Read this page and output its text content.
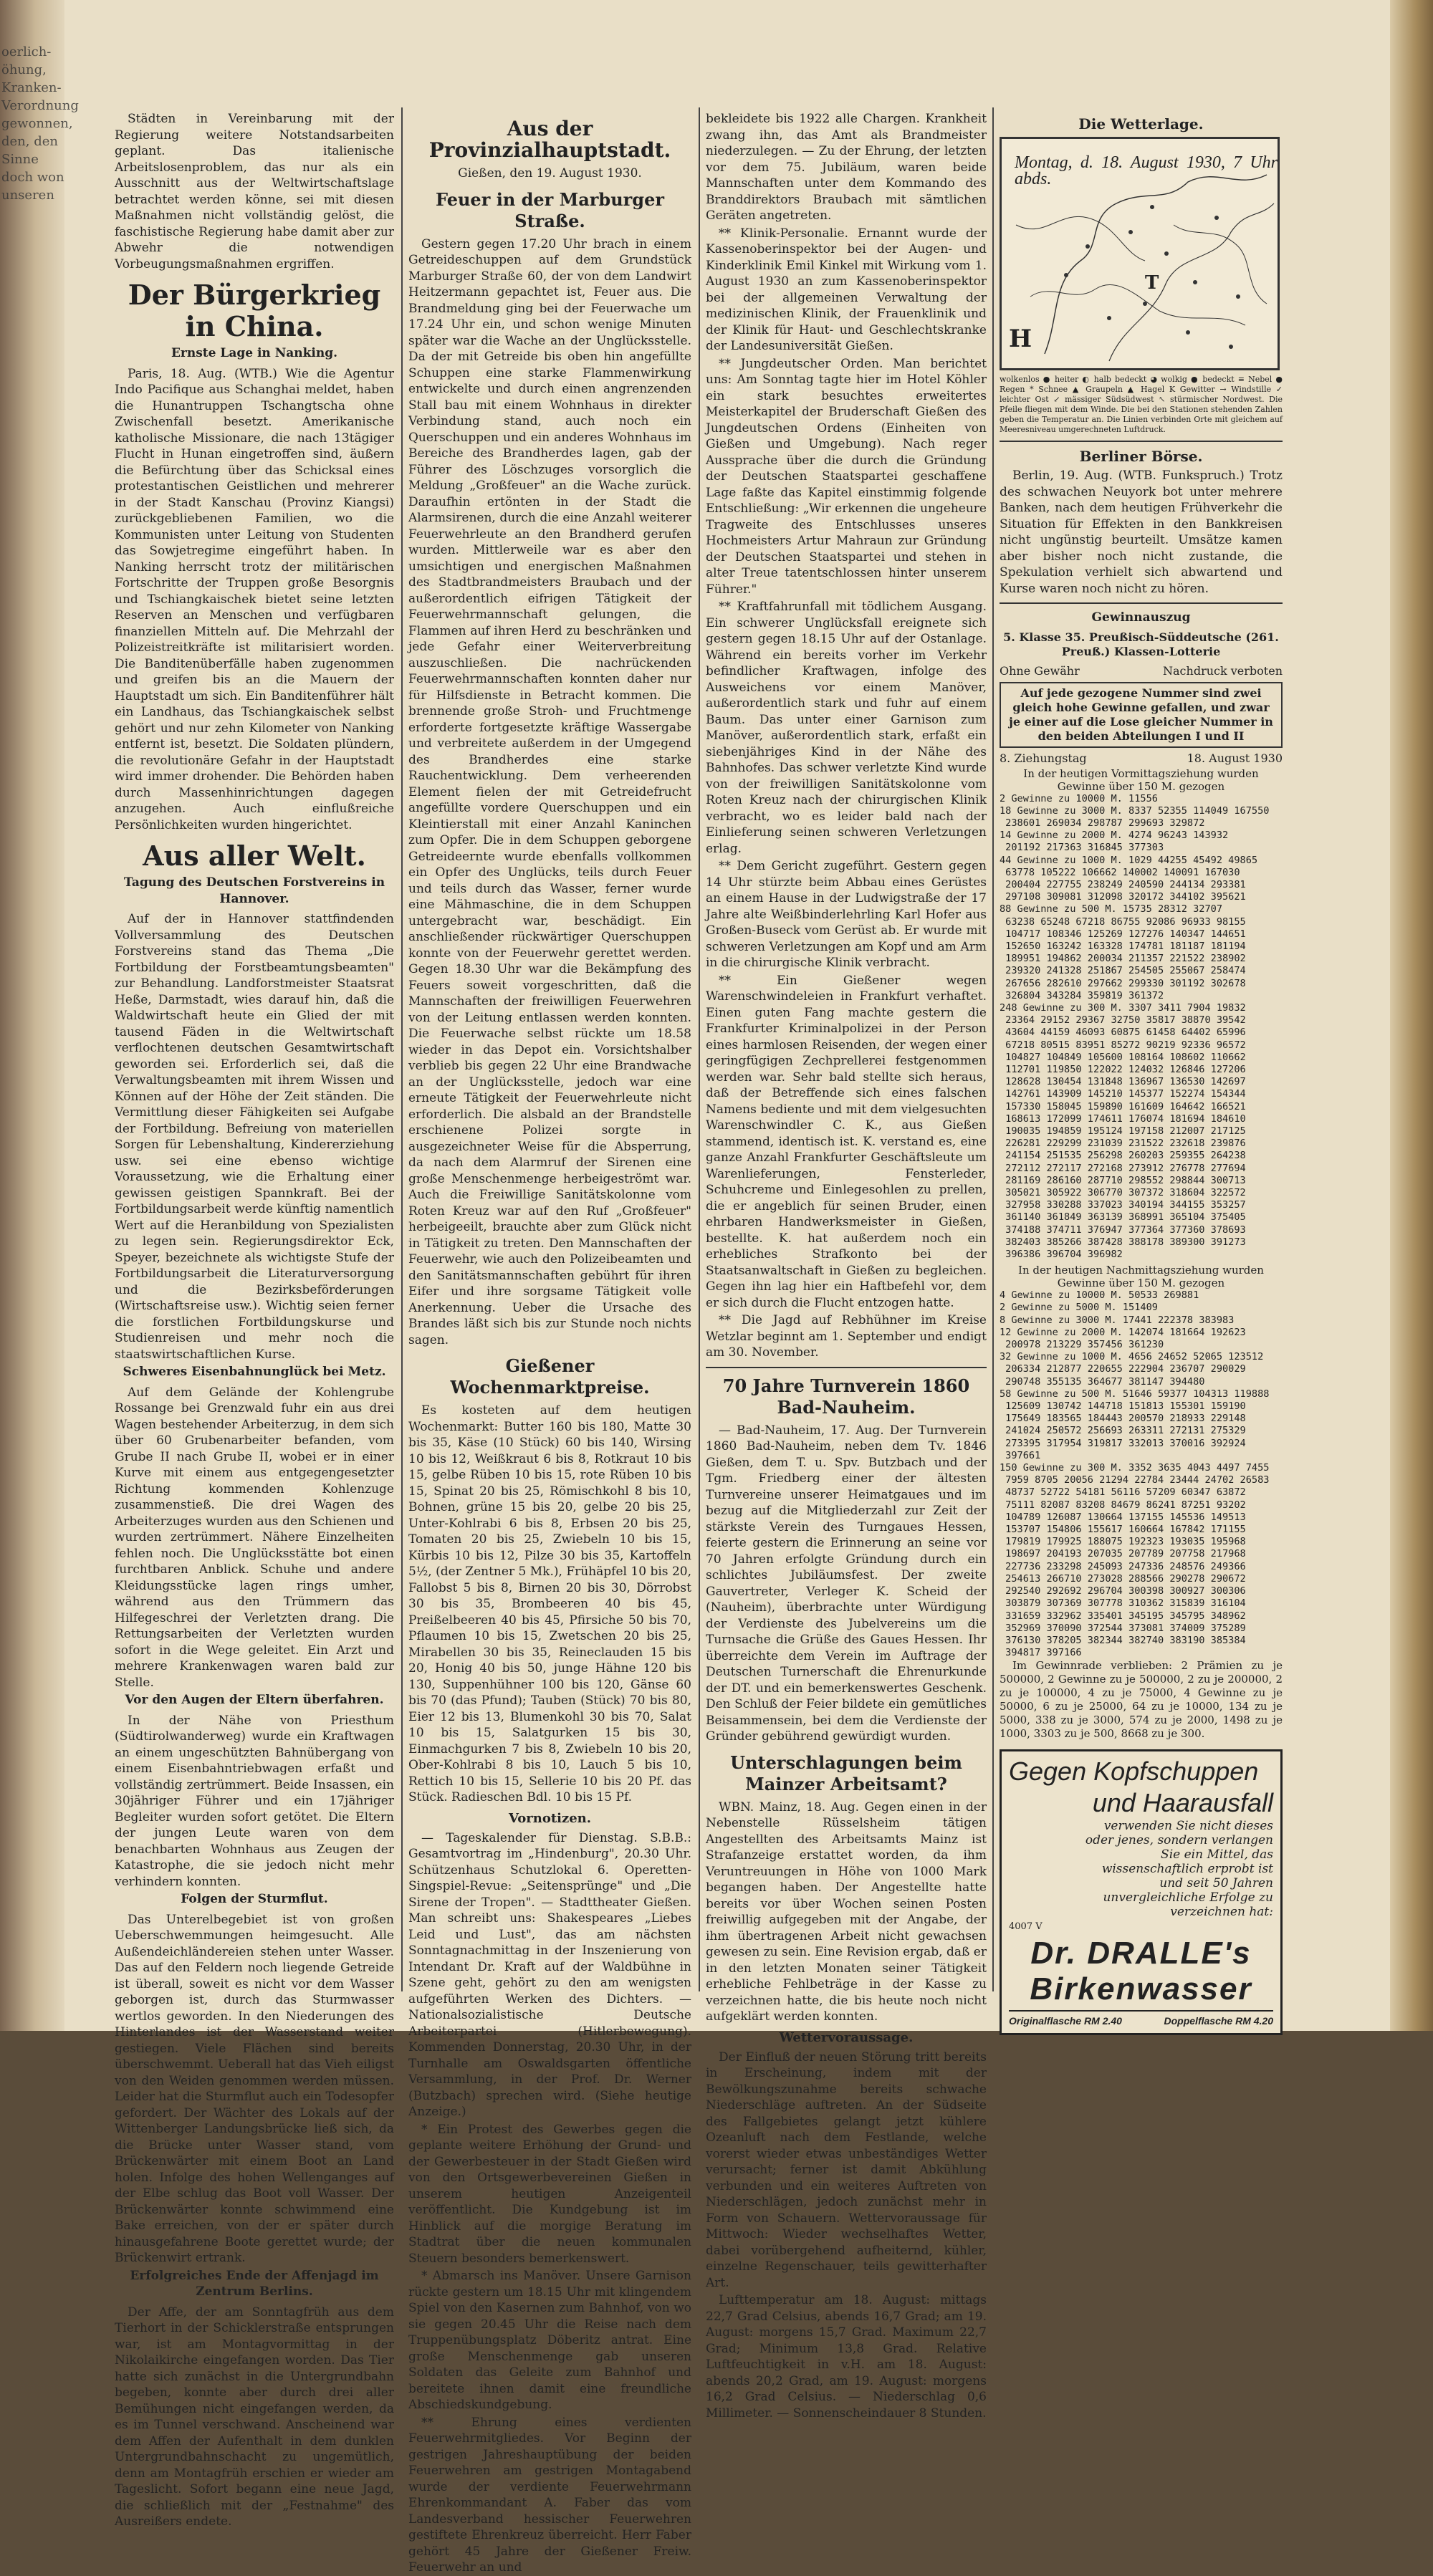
oerlich-
öhung,
Kranken-
Verordnung
gewonnen,
den, den
Sinne
doch won
unseren

Städten in Vereinbarung mit der Regierung weitere Notstandsarbeiten geplant. Das italienische Arbeitslosenproblem, das nur als ein Ausschnitt aus der Weltwirtschaftslage betrachtet werden könne, sei mit diesen Maßnahmen nicht vollständig gelöst, die faschistische Regierung habe damit aber zur Abwehr die notwendigen Vorbeugungsmaßnahmen ergriffen.

Der Bürgerkrieg in China.
Ernste Lage in Nanking.

Paris, 18. Aug. (WTB.) Wie die Agentur Indo Pacifique aus Schanghai meldet, haben die Hunantruppen Tschangtscha ohne Zwischenfall besetzt. Amerikanische katholische Missionare, die nach 13tägiger Flucht in Hunan eingetroffen sind, äußern die Befürchtung über das Schicksal eines protestantischen Geistlichen und mehrerer in der Stadt Kanschau (Provinz Kiangsi) zurückgebliebenen Familien, wo die Kommunisten unter Leitung von Studenten das Sowjetregime eingeführt haben. In Nanking herrscht trotz der militärischen Fortschritte der Truppen große Besorgnis und Tschiangkaischek bietet seine letzten Reserven an Menschen und verfügbaren finanziellen Mitteln auf. Die Mehrzahl der Polizeistreitkräfte ist militarisiert worden. Die Banditenüberfälle haben zugenommen und greifen bis an die Mauern der Hauptstadt um sich. Ein Banditenführer hält ein Landhaus, das Tschiangkaischek selbst gehört und nur zehn Kilometer von Nanking entfernt ist, besetzt. Die Soldaten plündern, die revolutionäre Gefahr in der Hauptstadt wird immer drohender. Die Behörden haben durch Massenhinrichtungen dagegen anzugehen. Auch einflußreiche Persönlichkeiten wurden hingerichtet.

Aus aller Welt.
Tagung des Deutschen Forstvereins in Hannover.

Auf der in Hannover stattfindenden Vollversammlung des Deutschen Forstvereins stand das Thema „Die Fortbildung der Forstbeamtungsbeamten" zur Behandlung. Landforstmeister Staatsrat Heße, Darmstadt, wies darauf hin, daß die Waldwirtschaft heute ein Glied der mit tausend Fäden in die Weltwirtschaft verflochtenen deutschen Gesamtwirtschaft geworden sei. Erforderlich sei, daß die Verwaltungsbeamten mit ihrem Wissen und Können auf der Höhe der Zeit ständen. Die Vermittlung dieser Fähigkeiten sei Aufgabe der Fortbildung. Befreiung von materiellen Sorgen für Lebenshaltung, Kindererziehung usw. sei eine ebenso wichtige Voraussetzung, wie die Erhaltung einer gewissen geistigen Spannkraft. Bei der Fortbildungsarbeit werde künftig namentlich Wert auf die Heranbildung von Spezialisten zu legen sein. Regierungsdirektor Eck, Speyer, bezeichnete als wichtigste Stufe der Fortbildungsarbeit die Literaturversorgung und die Bezirksbeförderungen (Wirtschaftsreise usw.). Wichtig seien ferner die forstlichen Fortbildungskurse und Studienreisen und mehr noch die staatswirtschaftlichen Kurse.

Schweres Eisenbahnunglück bei Metz.

Auf dem Gelände der Kohlengrube Rossange bei Grenzwald fuhr ein aus drei Wagen bestehender Arbeiterzug, in dem sich über 60 Grubenarbeiter befanden, vom Grube II nach Grube II, wobei er in einer Kurve mit einem aus entgegengesetzter Richtung kommenden Kohlenzuge zusammenstieß. Die drei Wagen des Arbeiterzuges wurden aus den Schienen und wurden zertrümmert. Nähere Einzelheiten fehlen noch. Die Unglücksstätte bot einen furchtbaren Anblick. Schuhe und andere Kleidungsstücke lagen rings umher, während aus den Trümmern das Hilfegeschrei der Verletzten drang. Die Rettungsarbeiten der Verletzten wurden sofort in die Wege geleitet. Ein Arzt und mehrere Krankenwagen waren bald zur Stelle.

Vor den Augen der Eltern überfahren.

In der Nähe von Priesthum (Südtirolwanderweg) wurde ein Kraftwagen an einem ungeschützten Bahnübergang von einem Eisenbahntriebwagen erfaßt und vollständig zertrümmert. Beide Insassen, ein 30jähriger Führer und ein 17jähriger Begleiter wurden sofort getötet. Die Eltern der jungen Leute waren von dem benachbarten Wohnhaus aus Zeugen der Katastrophe, die sie jedoch nicht mehr verhindern konnten.

Folgen der Sturmflut.

Das Unterelbegebiet ist von großen Ueberschwemmungen heimgesucht. Alle Außendeichländereien stehen unter Wasser. Das auf den Feldern noch liegende Getreide ist überall, soweit es nicht vor dem Wasser geborgen ist, durch das Sturmwasser wertlos geworden. In den Niederungen des Hinterlandes ist der Wasserstand weiter gestiegen. Viele Flächen sind bereits überschwemmt. Ueberall hat das Vieh eiligst von den Weiden genommen werden müssen. Leider hat die Sturmflut auch ein Todesopfer gefordert. Der Wächter des Lokals auf der Wittenberger Landungsbrücke ließ sich, da die Brücke unter Wasser stand, vom Brückenwärter mit einem Boot an Land holen. Infolge des hohen Wellenganges auf der Elbe schlug das Boot voll Wasser. Der Brückenwärter konnte schwimmend eine Bake erreichen, von der er später durch hinausgefahrene Boote gerettet wurde; der Brückenwirt ertrank.

Erfolgreiches Ende der Affenjagd im Zentrum Berlins.

Der Affe, der am Sonntagfrüh aus dem Tierhort in der Schicklerstraße entsprungen war, ist am Montagvormittag in der Nikolaikirche eingefangen worden. Das Tier hatte sich zunächst in die Untergrundbahn begeben, konnte aber durch drei aller Bemühungen nicht eingefangen werden, da es im Tunnel verschwand. Anscheinend war dem Affen der Aufenthalt in dem dunklen Untergrundbahnschacht zu ungemütlich, denn am Montagfrüh erschien er wieder am Tageslicht. Sofort begann eine neue Jagd, die schließlich mit der „Festnahme" des Ausreißers endete.

Aus der Provinzialhauptstadt.
Gießen, den 19. August 1930.
Feuer in der Marburger Straße.

Gestern gegen 17.20 Uhr brach in einem Getreideschuppen auf dem Grundstück Marburger Straße 60, der von dem Landwirt Heitzermann gepachtet ist, Feuer aus. Die Brandmeldung ging bei der Feuerwache um 17.24 Uhr ein, und schon wenige Minuten später war die Wache an der Unglücksstelle. Da der mit Getreide bis oben hin angefüllte Schuppen eine starke Flammenwirkung entwickelte und durch einen angrenzenden Stall bau mit einem Wohnhaus in direkter Verbindung stand, auch noch ein Querschuppen und ein anderes Wohnhaus im Bereiche des Brandherdes lagen, gab der Führer des Löschzuges vorsorglich die Meldung „Großfeuer" an die Wache zurück. Daraufhin ertönten in der Stadt die Alarmsirenen, durch die eine Anzahl weiterer Feuerwehrleute an den Brandherd gerufen wurden. Mittlerweile war es aber den umsichtigen und energischen Maßnahmen des Stadtbrandmeisters Braubach und der außerordentlich eifrigen Tätigkeit der Feuerwehrmannschaft gelungen, die Flammen auf ihren Herd zu beschränken und jede Gefahr einer Weiterverbreitung auszuschließen. Die nachrückenden Feuerwehrmannschaften konnten daher nur für Hilfsdienste in Betracht kommen. Die brennende große Stroh- und Fruchtmenge erforderte fortgesetzte kräftige Wassergabe und verbreitete außerdem in der Umgegend des Brandherdes eine starke Rauchentwicklung. Dem verheerenden Element fielen der mit Getreidefrucht angefüllte vordere Querschuppen und ein Kleintierstall mit einer Anzahl Kaninchen zum Opfer. Die in dem Schuppen geborgene Getreideernte wurde ebenfalls vollkommen ein Opfer des Unglücks, teils durch Feuer und teils durch das Wasser, ferner wurde eine Mähmaschine, die in dem Schuppen untergebracht war, beschädigt. Ein anschließender rückwärtiger Querschuppen konnte von der Feuerwehr gerettet werden. Gegen 18.30 Uhr war die Bekämpfung des Feuers soweit vorgeschritten, daß die Mannschaften der freiwilligen Feuerwehren von der Leitung entlassen werden konnten. Die Feuerwache selbst rückte um 18.58 wieder in das Depot ein. Vorsichtshalber verblieb bis gegen 22 Uhr eine Brandwache an der Unglücksstelle, jedoch war eine erneute Tätigkeit der Feuerwehrleute nicht erforderlich. Die alsbald an der Brandstelle erschienene Polizei sorgte in ausgezeichneter Weise für die Absperrung, da nach dem Alarmruf der Sirenen eine große Menschenmenge herbeigeströmt war. Auch die Freiwillige Sanitätskolonne vom Roten Kreuz war auf den Ruf „Großfeuer" herbeigeeilt, brauchte aber zum Glück nicht in Tätigkeit zu treten. Den Mannschaften der Feuerwehr, wie auch den Polizeibeamten und den Sanitätsmannschaften gebührt für ihren Eifer und ihre sorgsame Tätigkeit volle Anerkennung. Ueber die Ursache des Brandes läßt sich bis zur Stunde noch nichts sagen.

Gießener Wochenmarktpreise.

Es kosteten auf dem heutigen Wochenmarkt: Butter 160 bis 180, Matte 30 bis 35, Käse (10 Stück) 60 bis 140, Wirsing 10 bis 12, Weißkraut 6 bis 8, Rotkraut 10 bis 15, gelbe Rüben 10 bis 15, rote Rüben 10 bis 15, Spinat 20 bis 25, Römischkohl 8 bis 10, Bohnen, grüne 15 bis 20, gelbe 20 bis 25, Unter-Kohlrabi 6 bis 8, Erbsen 20 bis 25, Tomaten 20 bis 25, Zwiebeln 10 bis 15, Kürbis 10 bis 12, Pilze 30 bis 35, Kartoffeln 5½, (der Zentner 5 Mk.), Frühäpfel 10 bis 20, Fallobst 5 bis 8, Birnen 20 bis 30, Dörrobst 30 bis 35, Brombeeren 40 bis 45, Preißelbeeren 40 bis 45, Pfirsiche 50 bis 70, Pflaumen 10 bis 15, Zwetschen 20 bis 25, Mirabellen 30 bis 35, Reineclauden 15 bis 20, Honig 40 bis 50, junge Hähne 120 bis 130, Suppenhühner 100 bis 120, Gänse 60 bis 70 (das Pfund); Tauben (Stück) 70 bis 80, Eier 12 bis 13, Blumenkohl 30 bis 70, Salat 10 bis 15, Salatgurken 15 bis 30, Einmachgurken 7 bis 8, Zwiebeln 10 bis 20, Ober-Kohlrabi 8 bis 10, Lauch 5 bis 10, Rettich 10 bis 15, Sellerie 10 bis 20 Pf. das Stück. Radieschen Bdl. 10 bis 15 Pf.

Vornotizen.

— Tageskalender für Dienstag. S.B.B.: Gesamtvortrag im „Hindenburg", 20.30 Uhr. Schützenhaus Schutzlokal 6. Operetten-Singspiel-Revue: „Seitensprünge" und „Die Sirene der Tropen". — Stadttheater Gießen. Man schreibt uns: Shakespeares „Liebes Leid und Lust", das am nächsten Sonntagnachmittag in der Inszenierung von Intendant Dr. Kraft auf der Waldbühne in Szene geht, gehört zu den am wenigsten aufgeführten Werken des Dichters. — Nationalsozialistische Deutsche Arbeiterpartei (Hitlerbewegung). Kommenden Donnerstag, 20.30 Uhr, in der Turnhalle am Oswaldsgarten öffentliche Versammlung, in der Prof. Dr. Werner (Butzbach) sprechen wird. (Siehe heutige Anzeige.)

* Ein Protest des Gewerbes gegen die geplante weitere Erhöhung der Grund- und der Gewerbesteuer in der Stadt Gießen wird von den Ortsgewerbevereinen Gießen in unserem heutigen Anzeigenteil veröffentlicht. Die Kundgebung ist im Hinblick auf die morgige Beratung im Stadtrat über die neuen kommunalen Steuern besonders bemerkenswert.

* Abmarsch ins Manöver. Unsere Garnison rückte gestern um 18.15 Uhr mit klingendem Spiel von den Kasernen zum Bahnhof, von wo sie gegen 20.45 Uhr die Reise nach dem Truppenübungsplatz Döberitz antrat. Eine große Menschenmenge gab unseren Soldaten das Geleite zum Bahnhof und bereitete ihnen damit eine freundliche Abschiedskundgebung.

** Ehrung eines verdienten Feuerwehrmitgliedes. Vor Beginn der gestrigen Jahreshauptübung der beiden Feuerwehren am gestrigen Montagabend wurde der verdiente Feuerwehrmann Ehrenkommandant A. Faber das vom Landesverband hessischer Feuerwehren gestiftete Ehrenkreuz überreicht. Herr Faber gehört 45 Jahre der Gießener Freiw. Feuerwehr an und

bekleidete bis 1922 alle Chargen. Krankheit zwang ihn, das Amt als Brandmeister niederzulegen. — Zu der Ehrung, der letzten vor dem 75. Jubiläum, waren beide Mannschaften unter dem Kommando des Branddirektors Braubach mit sämtlichen Geräten angetreten.

** Klinik-Personalie. Ernannt wurde der Kassenoberinspektor bei der Augen- und Kinderklinik Emil Kinkel mit Wirkung vom 1. August 1930 an zum Kassenoberinspektor bei der allgemeinen Verwaltung der medizinischen Klinik, der Frauenklinik und der Klinik für Haut- und Geschlechtskranke der Landesuniversität Gießen.

** Jungdeutscher Orden. Man berichtet uns: Am Sonntag tagte hier im Hotel Köhler ein stark besuchtes erweitertes Meisterkapitel der Bruderschaft Gießen des Jungdeutschen Ordens (Einheiten von Gießen und Umgebung). Nach reger Aussprache über die durch die Gründung der Deutschen Staatspartei geschaffene Lage faßte das Kapitel einstimmig folgende Entschließung: „Wir erkennen die ungeheure Tragweite des Entschlusses unseres Hochmeisters Artur Mahraun zur Gründung der Deutschen Staatspartei und stehen in alter Treue tatentschlossen hinter unserem Führer."

** Kraftfahrunfall mit tödlichem Ausgang. Ein schwerer Unglücksfall ereignete sich gestern gegen 18.15 Uhr auf der Ostanlage. Während ein bereits vorher im Verkehr befindlicher Kraftwagen, infolge des Ausweichens vor einem Manöver, außerordentlich stark und fuhr auf einem Baum. Das unter einer Garnison zum Manöver, außerordentlich stark, erfaßt ein siebenjähriges Kind in der Nähe des Bahnhofes. Das schwer verletzte Kind wurde von der freiwilligen Sanitätskolonne vom Roten Kreuz nach der chirurgischen Klinik verbracht, wo es leider bald nach der Einlieferung seinen schweren Verletzungen erlag.

** Dem Gericht zugeführt. Gestern gegen 14 Uhr stürzte beim Abbau eines Gerüstes an einem Hause in der Ludwigstraße der 17 Jahre alte Weißbinderlehrling Karl Hofer aus Großen-Buseck vom Gerüst ab. Er wurde mit schweren Verletzungen am Kopf und am Arm in die chirurgische Klinik verbracht.

** Ein Gießener wegen Warenschwindeleien in Frankfurt verhaftet. Einen guten Fang machte gestern die Frankfurter Kriminalpolizei in der Person eines harmlosen Reisenden, der wegen einer geringfügigen Zechprellerei festgenommen werden war. Sehr bald stellte sich heraus, daß der Betreffende sich eines falschen Namens bediente und mit dem vielgesuchten Warenschwindler C. K., aus Gießen stammend, identisch ist. K. verstand es, eine ganze Anzahl Frankfurter Geschäftsleute um Warenlieferungen, Fensterleder, Schuhcreme und Einlegesohlen zu prellen, die er angeblich für seinen Bruder, einen ehrbaren Handwerksmeister in Gießen, bestellte. K. hat außerdem noch ein erhebliches Strafkonto bei der Staatsanwaltschaft in Gießen zu begleichen. Gegen ihn lag hier ein Haftbefehl vor, dem er sich durch die Flucht entzogen hatte.

** Die Jagd auf Rebhühner im Kreise Wetzlar beginnt am 1. September und endigt am 30. November.

70 Jahre Turnverein 1860 Bad-Nauheim.

— Bad-Nauheim, 17. Aug. Der Turnverein 1860 Bad-Nauheim, neben dem Tv. 1846 Gießen, dem T. u. Spv. Butzbach und der Tgm. Friedberg einer der ältesten Turnvereine unserer Heimatgaues und im bezug auf die Mitgliederzahl zur Zeit der stärkste Verein des Turngaues Hessen, feierte gestern die Erinnerung an seine vor 70 Jahren erfolgte Gründung durch ein schlichtes Jubiläumsfest. Der zweite Gauvertreter, Verleger K. Scheid der (Nauheim), überbrachte unter Würdigung der Verdienste des Jubelvereins um die Turnsache die Grüße des Gaues Hessen. Ihr überreichte dem Verein im Auftrage der Deutschen Turnerschaft die Ehrenurkunde der DT. und ein bemerkenswertes Geschenk. Den Schluß der Feier bildete ein gemütliches Beisammensein, bei dem die Verdienste der Gründer gebührend gewürdigt wurden.

Unterschlagungen beim Mainzer Arbeitsamt?

WBN. Mainz, 18. Aug. Gegen einen in der Nebenstelle Rüsselsheim tätigen Angestellten des Arbeitsamts Mainz ist Strafanzeige erstattet worden, da ihm Veruntreuungen in Höhe von 1000 Mark begangen haben. Der Angestellte hatte bereits vor über Wochen seinen Posten freiwillig aufgegeben mit der Angabe, der ihm übertragenen Arbeit nicht gewachsen gewesen zu sein. Eine Revision ergab, daß er in den letzten Monaten seiner Tätigkeit erhebliche Fehlbeträge in der Kasse zu verzeichnen hatte, die bis heute noch nicht aufgeklärt werden konnten.

Wettervoraussage.

Der Einfluß der neuen Störung tritt bereits in Erscheinung, indem mit der Bewölkungszunahme bereits schwache Niederschläge auftreten. An der Südseite des Fallgebietes gelangt jetzt kühlere Ozeanluft nach dem Festlande, welche vorerst wieder etwas unbeständiges Wetter verursacht; ferner ist damit Abkühlung verbunden und ein weiteres Auftreten von Niederschlägen, jedoch zunächst mehr in Form von Schauern. Wettervoraussage für Mittwoch: Wieder wechselhaftes Wetter, dabei vorübergehend aufheiternd, kühler, einzelne Regenschauer, teils gewitterhafter Art.

Lufttemperatur am 18. August: mittags 22,7 Grad Celsius, abends 16,7 Grad; am 19. August: morgens 15,7 Grad. Maximum 22,7 Grad; Minimum 13,8 Grad. Relative Luftfeuchtigkeit in v.H. am 18. August: abends 20,2 Grad, am 19. August: morgens 16,2 Grad Celsius. — Niederschlag 0,6 Millimeter. — Sonnenscheindauer 8 Stunden.

Die Wetterlage.
Montag, d. 18. August 1930, 7 Uhr abds.
H
T
wolkenlos ● heiter ◐ halb bedeckt ◕ wolkig ● bedeckt ≡ Nebel ● Regen * Schnee ▲ Graupeln ▲ Hagel K Gewitter → Windstille ✓ leichter Ost ↙ mässiger Südsüdwest ↖ stürmischer Nordwest. Die Pfeile fliegen mit dem Winde. Die bei den Stationen stehenden Zahlen geben die Temperatur an. Die Linien verbinden Orte mit gleichem auf Meeresniveau umgerechneten Luftdruck.
Berliner Börse.

Berlin, 19. Aug. (WTB. Funkspruch.) Trotz des schwachen Neuyork bot unter mehrere Banken, nach dem heutigen Frühverkehr die Situation für Effekten in den Bankkreisen nicht ungünstig beurteilt. Umsätze kamen aber bisher noch nicht zustande, die Spekulation verhielt sich abwartend und Kurse waren noch nicht zu hören.

Gewinnauszug
5. Klasse 35. Preußisch-Süddeutsche (261. Preuß.) Klassen-Lotterie
Ohne Gewähr	Nachdruck verboten
Auf jede gezogene Nummer sind zwei gleich hohe Gewinne gefallen, und zwar je einer auf die Lose gleicher Nummer in den beiden Abteilungen I und II
8. Ziehungstag	18. August 1930
In der heutigen Vormittagsziehung wurden Gewinne über 150 M. gezogen
2 Gewinne zu 10000 M. 11556
18 Gewinne zu 3000 M. 8337 52355 114049 167550
238601 269034 298787 299693 329872
14 Gewinne zu 2000 M. 4274 96243 143932
201192 217363 316845 377303
44 Gewinne zu 1000 M. 1029 44255 45492 49865
63778 105222 106662 140002 140091 167030
200404 227755 238249 240590 244134 293381
297108 309081 312098 320172 344102 395621
88 Gewinne zu 500 M. 15735 28312 32707
63238 65248 67218 86755 92086 96933 98155
104717 108346 125269 127276 140347 144651
152650 163242 163328 174781 181187 181194
189951 194862 200034 211357 221522 238902
239320 241328 251867 254505 255067 258474
267656 282610 297662 299330 301192 302678
326804 343284 359819 361372
248 Gewinne zu 300 M. 3307 3411 7904 19832
23364 29152 29367 32750 35817 38870 39542
43604 44159 46093 60875 61458 64402 65996
67218 80515 83951 85272 90219 92336 96572
104827 104849 105600 108164 108602 110662
112701 119850 122022 124032 126846 127206
128628 130454 131848 136967 136530 142697
142761 143909 145210 145377 152274 154344
157330 158045 159890 161609 164642 166521
168613 172099 174611 176074 181694 184610
190035 194859 195124 197158 212007 217125
226281 229299 231039 231522 232618 239876
241154 251535 256298 260203 259355 264238
272112 272117 272168 273912 276778 277694
281169 286160 287710 298552 298844 300713
305021 305922 306770 307372 318604 322572
327958 330288 337023 340194 344155 353257
361140 361849 363139 368991 365104 375405
374188 374711 376947 377364 377360 378693
382403 385266 387428 388178 389300 391273
396386 396704 396982
In der heutigen Nachmittagsziehung wurden Gewinne über 150 M. gezogen
4 Gewinne zu 10000 M. 50533 269881
2 Gewinne zu 5000 M. 151409
8 Gewinne zu 3000 M. 17441 222378 383983
12 Gewinne zu 2000 M. 142074 181664 192623
200978 213229 357456 361230
32 Gewinne zu 1000 M. 4656 24652 52065 123512
206334 212877 220655 222904 236707 290029
290748 355135 364677 381147 394480
58 Gewinne zu 500 M. 51646 59377 104313 119888
125609 130742 144718 151813 155301 159190
175649 183565 184443 200570 218933 229148
241024 250572 256693 263311 272131 275329
273395 317954 319817 332013 370016 392924
397661
150 Gewinne zu 300 M. 3352 3635 4043 4497 7455
7959 8705 20056 21294 22784 23444 24702 26583
48737 52722 54181 56116 57209 60347 63872
75111 82087 83208 84679 86241 87251 93202
104789 126087 130664 137155 145536 149513
153707 154806 155617 160664 167842 171155
179819 179925 188075 192323 193035 195968
198697 204193 207035 207789 207758 217968
227736 233298 245093 247336 248576 249366
254613 266710 273028 288566 290278 290672
292540 292692 296704 300398 300927 300306
303879 307369 307778 310362 315839 316104
331659 332962 335401 345195 345795 348962
352969 370090 372544 373081 374009 375289
376130 378205 382344 382740 383190 385384
394817 397166

Im Gewinnrade verblieben: 2 Prämien zu je 500000, 2 Gewinne zu je 500000, 2 zu je 200000, 2 zu je 100000, 4 zu je 75000, 4 Gewinne zu je 50000, 6 zu je 25000, 64 zu je 10000, 134 zu je 5000, 338 zu je 3000, 574 zu je 2000, 1498 zu je 1000, 3303 zu je 500, 8668 zu je 300.

Gegen Kopfschuppen
und Haarausfall
verwenden Sie nicht dieses oder jenes, sondern verlangen Sie ein Mittel, das wissenschaftlich erprobt ist und seit 50 Jahren unvergleichliche Erfolge zu verzeichnen hat:
4007 V
Dr. DRALLE's
Birkenwasser
Originalflasche RM 2.40	Doppelflasche RM 4.20
